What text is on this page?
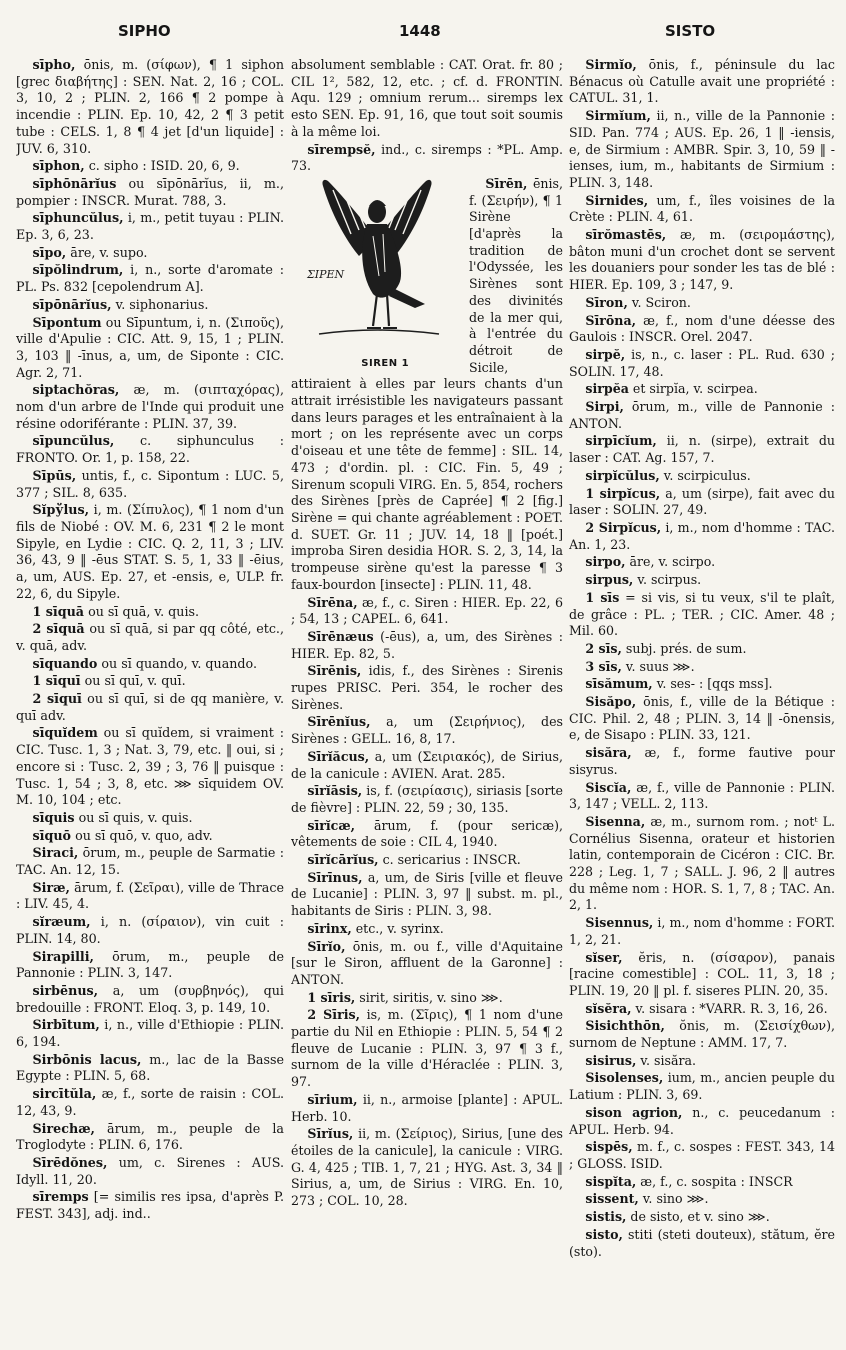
SIPHO	1448	SISTO

sīpho, ōnis, m. (σίφων), ¶ 1 siphon [grec διαβήτης] : SEN. Nat. 2, 16 ; COL. 3, 10, 2 ; PLIN. 2, 166 ¶ 2 pompe à incendie : PLIN. Ep. 10, 42, 2 ¶ 3 petit tube : CELS. 1, 8 ¶ 4 jet [d'un liquide] : JUV. 6, 310.

sīphon, c. sipho : ISID. 20, 6, 9.

sīphōnārĭus ou sīpōnārĭus, ii, m., pompier : INSCR. Murat. 788, 3.

sīphuncŭlus, i, m., petit tuyau : PLIN. Ep. 3, 6, 23.

sīpo, āre, v. supo.

sīpŏlindrum, i, n., sorte d'aromate : PL. Ps. 832 [cepolendrum A].

sīpōnārĭus, v. siphonarius.

Sīpontum ou Sīpuntum, i, n. (Σιποῦς), ville d'Apulie : CIC. Att. 9, 15, 1 ; PLIN. 3, 103 ‖ -īnus, a, um, de Siponte : CIC. Agr. 2, 71.

siptachŏras, æ, m. (σιπταχόρας), nom d'un arbre de l'Inde qui produit une résine odoriférante : PLIN. 37, 39.

sīpuncŭlus, c. siphunculus : FRONTO. Or. 1, p. 158, 22.

Sīpūs, untis, f., c. Sipontum : LUC. 5, 377 ; SIL. 8, 635.

Sĭpўlus, i, m. (Σίπυλος), ¶ 1 nom d'un fils de Niobé : OV. M. 6, 231 ¶ 2 le mont Sipyle, en Lydie : CIC. Q. 2, 11, 3 ; LIV. 36, 43, 9 ‖ -ēus STAT. S. 5, 1, 33 ‖ -ēius, a, um, AUS. Ep. 27, et -ensis, e, ULP. fr. 22, 6, du Sipyle.

1 sīquā ou sī quā, v. quis.

2 sīquā ou sī quā, si par qq côté, etc., v. quā, adv.

sīquando ou sī quando, v. quando.

1 sīquī ou sī quī, v. quī.

2 sīquī ou sī quī, si de qq manière, v. quī adv.

sīquĭdem ou sī quĭdem, si vraiment : CIC. Tusc. 1, 3 ; Nat. 3, 79, etc. ‖ oui, si ; encore si : Tusc. 2, 39 ; 3, 76 ‖ puisque : Tusc. 1, 54 ; 3, 8, etc. ⋙ sīquidem OV. M. 10, 104 ; etc.

sīquis ou sī quis, v. quis.

sīquō ou sī quō, v. quo, adv.

Siraci, ōrum, m., peuple de Sarmatie : TAC. An. 12, 15.

Siræ, ārum, f. (Σεῖραι), ville de Thrace : LIV. 45, 4.

sĭræum, i, n. (σίραιον), vin cuit : PLIN. 14, 80.

Sirapilli, ōrum, m., peuple de Pannonie : PLIN. 3, 147.

sirbēnus, a, um (συρβηνός), qui bredouille : FRONT. Eloq. 3, p. 149, 10.

Sirbītum, i, n., ville d'Ethiopie : PLIN. 6, 194.

Sirbōnis lacus, m., lac de la Basse Egypte : PLIN. 5, 68.

sircītŭla, æ, f., sorte de raisin : COL. 12, 43, 9.

Sirechæ, ārum, m., peuple de la Troglodyte : PLIN. 6, 176.

Sīrēdŏnes, um, c. Sirenes : AUS. Idyll. 11, 20.

sīremps [= similis res ipsa, d'après P. FEST. 343], adj. ind..

absolument semblable : CAT. Orat. fr. 80 ; CIL 1², 582, 12, etc. ; cf. d. FRONTIN. Aqu. 129 ; omnium rerum... siremps lex esto SEN. Ep. 91, 16, que tout soit soumis à la même loi.

sīrempsĕ, ind., c. siremps : *PL. Amp. 73.

ΣΙΡΕΝ
SIREN 1
Sīrēn, ēnis, f. (Σειρήν), ¶ 1 Sirène [d'après la tradition de l'Odyssée, les Sirènes sont des divinités de la mer qui, à l'entrée du détroit de Sicile, attiraient à elles par leurs chants d'un attrait irrésistible les navigateurs passant dans leurs parages et les entraînaient à la mort ; on les représente avec un corps d'oiseau et une tête de femme] : SIL. 14, 473 ; d'ordin. pl. : CIC. Fin. 5, 49 ; Sirenum scopuli VIRG. En. 5, 854, rochers des Sirènes [près de Caprée] ¶ 2 [fig.] Sirène = qui chante agréablement : POET. d. SUET. Gr. 11 ; JUV. 14, 18 ‖ [poét.] improba Siren desidia HOR. S. 2, 3, 14, la trompeuse sirène qu'est la paresse ¶ 3 faux-bourdon [insecte] : PLIN. 11, 48.

Sīrēna, æ, f., c. Siren : HIER. Ep. 22, 6 ; 54, 13 ; CAPEL. 6, 641.

Sīrēnæus (-ēus), a, um, des Sirènes : HIER. Ep. 82, 5.

Sīrēnis, idis, f., des Sirènes : Sirenis rupes PRISC. Peri. 354, le rocher des Sirènes.

Sīrēnĭus, a, um (Σειρήνιος), des Sirènes : GELL. 16, 8, 17.

Sīrĭăcus, a, um (Σειριακός), de Sirius, de la canicule : AVIEN. Arat. 285.

sīrĭāsis, is, f. (σειρίασις), siriasis [sorte de fièvre] : PLIN. 22, 59 ; 30, 135.

sīrĭcæ, ārum, f. (pour sericæ), vêtements de soie : CIL 4, 1940.

sīrĭcārĭus, c. sericarius : INSCR.

Sīrīnus, a, um, de Siris [ville et fleuve de Lucanie] : PLIN. 3, 97 ‖ subst. m. pl., habitants de Siris : PLIN. 3, 98.

sīrinx, etc., v. syrinx.

Sīrĭo, ōnis, m. ou f., ville d'Aquitaine [sur le Siron, affluent de la Garonne] : ANTON.

1 sīris, sirit, siritis, v. sino ⋙.

2 Sīris, is, m. (Σῖρις), ¶ 1 nom d'une partie du Nil en Ethiopie : PLIN. 5, 54 ¶ 2 fleuve de Lucanie : PLIN. 3, 97 ¶ 3 f., surnom de la ville d'Héraclée : PLIN. 3, 97.

sīrium, ii, n., armoise [plante] : APUL. Herb. 10.

Sīrĭus, ii, m. (Σείριος), Sirius, [une des étoiles de la canicule], la canicule : VIRG. G. 4, 425 ; TIB. 1, 7, 21 ; HYG. Ast. 3, 34 ‖ Sirius, a, um, de Sirius : VIRG. En. 10, 273 ; COL. 10, 28.

Sirmĭo, ōnis, f., péninsule du lac Bénacus où Catulle avait une propriété : CATUL. 31, 1.

Sirmĭum, ii, n., ville de la Pannonie : SID. Pan. 774 ; AUS. Ep. 26, 1 ‖ -iensis, e, de Sirmium : AMBR. Spir. 3, 10, 59 ‖ -ienses, ium, m., habitants de Sirmium : PLIN. 3, 148.

Sirnides, um, f., îles voisines de la Crète : PLIN. 4, 61.

sīrŏmastēs, æ, m. (σειρομάστης), bâton muni d'un crochet dont se servent les douaniers pour sonder les tas de blé : HIER. Ep. 109, 3 ; 147, 9.

Sīron, v. Sciron.

Sīrōna, æ, f., nom d'une déesse des Gaulois : INSCR. Orel. 2047.

sirpĕ, is, n., c. laser : PL. Rud. 630 ; SOLIN. 17, 48.

sirpĕa et sirpĭa, v. scirpea.

Sirpi, ōrum, m., ville de Pannonie : ANTON.

sirpīcĭum, ii, n. (sirpe), extrait du laser : CAT. Ag. 157, 7.

sirpĭcŭlus, v. scirpiculus.

1 sirpĭcus, a, um (sirpe), fait avec du laser : SOLIN. 27, 49.

2 Sirpĭcus, i, m., nom d'homme : TAC. An. 1, 23.

sirpo, āre, v. scirpo.

sirpus, v. scirpus.

1 sīs = si vis, si tu veux, s'il te plaît, de grâce : PL. ; TER. ; CIC. Amer. 48 ; Mil. 60.

2 sīs, subj. prés. de sum.

3 sīs, v. suus ⋙.

sīsămum, v. ses- : [qqs mss].

Sisăpo, ōnis, f., ville de la Bétique : CIC. Phil. 2, 48 ; PLIN. 3, 14 ‖ -ōnensis, e, de Sisapo : PLIN. 33, 121.

sisăra, æ, f., forme fautive pour sisyrus.

Siscĭa, æ, f., ville de Pannonie : PLIN. 3, 147 ; VELL. 2, 113.

Sisenna, æ, m., surnom rom. ; notᵗ L. Cornélius Sisenna, orateur et historien latin, contemporain de Cicéron : CIC. Br. 228 ; Leg. 1, 7 ; SALL. J. 96, 2 ‖ autres du même nom : HOR. S. 1, 7, 8 ; TAC. An. 2, 1.

Sisennus, i, m., nom d'homme : FORT. 1, 2, 21.

sĭser, ĕris, n. (σίσαρον), panais [racine comestible] : COL. 11, 3, 18 ; PLIN. 19, 20 ‖ pl. f. siseres PLIN. 20, 35.

sĭsĕra, v. sisara : *VARR. R. 3, 16, 26.

Sisichthōn, ŏnis, m. (Σεισίχθων), surnom de Neptune : AMM. 17, 7.

sisirus, v. sisăra.

Sisolenses, ium, m., ancien peuple du Latium : PLIN. 3, 69.

sison agrion, n., c. peucedanum : APUL. Herb. 94.

sispēs, m. f., c. sospes : FEST. 343, 14 ; GLOSS. ISID.

sispĭta, æ, f., c. sospita : INSCR

sissent, v. sino ⋙.

sistis, de sisto, et v. sino ⋙.

sisto, stiti (steti douteux), stătum, ĕre (sto).
